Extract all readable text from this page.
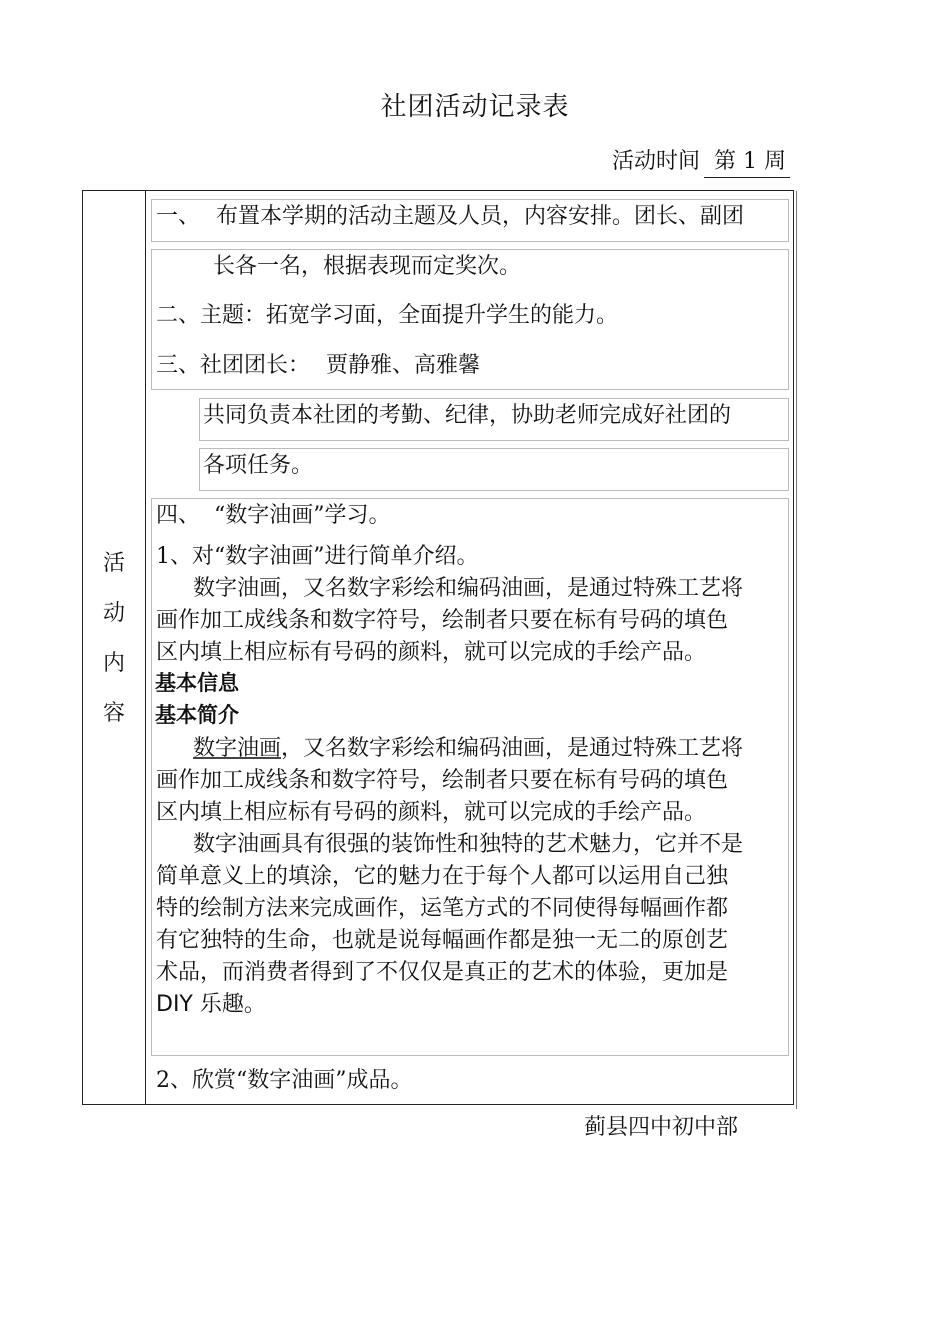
社团活动记录表
活动时间 第 1 周
活
动
内
容
一、 布置本学期的活动主题及人员，内容安排。团长、副团
长各一名，根据表现而定奖次。
二、主题：拓宽学习面，全面提升学生的能力。
三、社团团长： 贾静雅、高雅馨
共同负责本社团的考勤、纪律，协助老师完成好社团的
各项任务。
四、 “数字油画”学习。
1、对“数字油画”进行简单介绍。
数字油画，又名数字彩绘和编码油画，是通过特殊工艺将
画作加工成线条和数字符号，绘制者只要在标有号码的填色
区内填上相应标有号码的颜料，就可以完成的手绘产品。
基本信息
基本简介
数字油画，又名数字彩绘和编码油画，是通过特殊工艺将
画作加工成线条和数字符号，绘制者只要在标有号码的填色
区内填上相应标有号码的颜料，就可以完成的手绘产品。
数字油画具有很强的装饰性和独特的艺术魅力，它并不是
简单意义上的填涂，它的魅力在于每个人都可以运用自己独
特的绘制方法来完成画作，运笔方式的不同使得每幅画作都
有它独特的生命，也就是说每幅画作都是独一无二的原创艺
术品，而消费者得到了不仅仅是真正的艺术的体验，更加是
DIY 乐趣。
2、欣赏“数字油画”成品。
蓟县四中初中部
